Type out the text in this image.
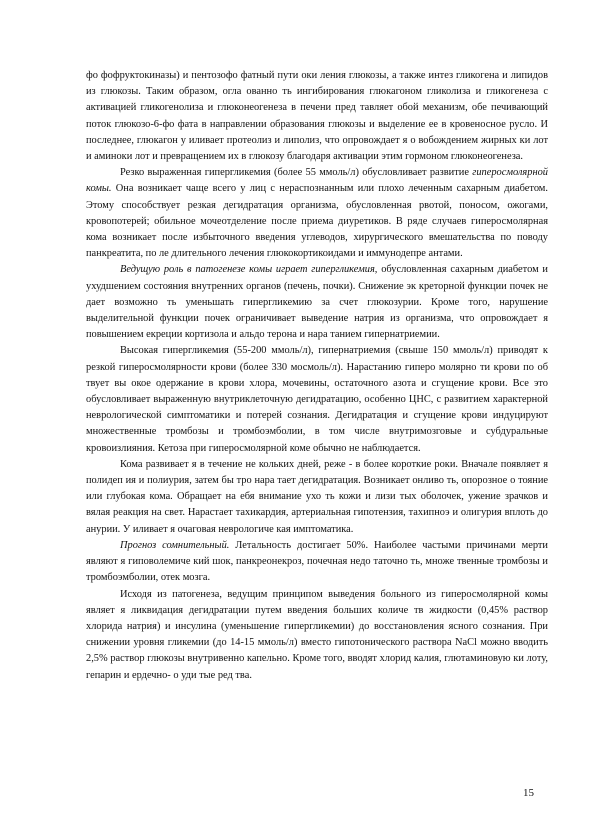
фо фофруктокиназы) и пентозофо фатный пути оки ления глюкозы, а также интез гликогена и липидов из глюкозы. Таким образом, огла ованно ть ингибирования глюкагоном гликолиза и гликогенеза с активацией гликогенолиза и глюконеогенеза в печени пред тавляет обой механизм, обе печивающий поток глюкозо-6-фо фата в направлении образования глюкозы и выделение ее в кровеносное русло. И последнее, глюкагон у иливает протеолиз и липолиз, что опровождает я о вобождением жирных ки лот и аминоки лот и превращением их в глюкозу благодаря активации этим гормоном глюконеогенеза.

Резко выраженная гипергликемия (более 55 ммоль/л) обусловливает развитие гиперосмолярной комы. Она возникает чаще всего у лиц с нераспознанным или плохо леченным сахарным диабетом. Этому способствует резкая дегидратация организма, обусловленная рвотой, поносом, ожогами, кровопотерей; обильное мочеотделение после приема диуретиков. В ряде случаев гиперосмолярная кома возникает после избыточного введения углеводов, хирургического вмешательства по поводу панкреатита, по ле длительного лечения глюкокортикоидами и иммунодепре антами.

Ведущую роль в патогенезе комы играет гипергликемия, обусловленная сахарным диабетом и ухудшением состояния внутренних органов (печень, почки). Снижение эк креторной функции почек не дает возможно ть уменьшать гипергликемию за счет глюкозурии. Кроме того, нарушение выделительной функции почек ограничивает выведение натрия из организма, что опровождает я повышением екреции кортизола и альдо терона и нара танием гипернатриемии.

Высокая гипергликемия (55-200 ммоль/л), гипернатриемия (свыше 150 ммоль/л) приводят к резкой гиперосмолярности крови (более 330 мосмоль/л). Нарастанию гиперо молярно ти крови по об твует вы окое одержание в крови хлора, мочевины, остаточного азота и сгущение крови. Все это обусловливает выраженную внутриклеточную дегидратацию, особенно ЦНС, с развитием характерной неврологической симптоматики и потерей сознания. Дегидратация и сгущение крови индуцируют множественные тромбозы и тромбоэмболии, в том числе внутримозговые и субдуральные кровоизлияния. Кетоза при гиперосмолярной коме обычно не наблюдается.

Кома развивает я в течение не кольких дней, реже - в более короткие роки. Вначале появляет я полидеп ия и полиурия, затем бы тро нара тает дегидратация. Возникает онливо ть, опорозное о тояние или глубокая кома. Обращает на ебя внимание ухо ть кожи и лизи тых оболочек, ужение зрачков и вялая реакция на свет. Нарастает тахикардия, артериальная гипотензия, тахипноэ и олигурия вплоть до анурии. У иливает я очаговая неврологиче кая имптоматика.

Прогноз сомнительный. Летальность достигает 50%. Наиболее частыми причинами мерти являют я гиповолемиче кий шок, панкреонекроз, почечная недо таточно ть, множе твенные тромбозы и тромбоэмболии, отек мозга.

Исходя из патогенеза, ведущим принципом выведения больного из гиперосмолярной комы являет я ликвидация дегидратации путем введения больших количе тв жидкости (0,45% раствор хлорида натрия) и инсулина (уменьшение гипергликемии) до восстановления ясного сознания. При снижении уровня гликемии (до 14-15 ммоль/л) вместо гипотонического раствора NaCl можно вводить 2,5% раствор глюкозы внутривенно капельно. Кроме того, вводят хлорид калия, глютаминовую ки лоту, гепарин и ердечно- о уди тые ред тва.

15
